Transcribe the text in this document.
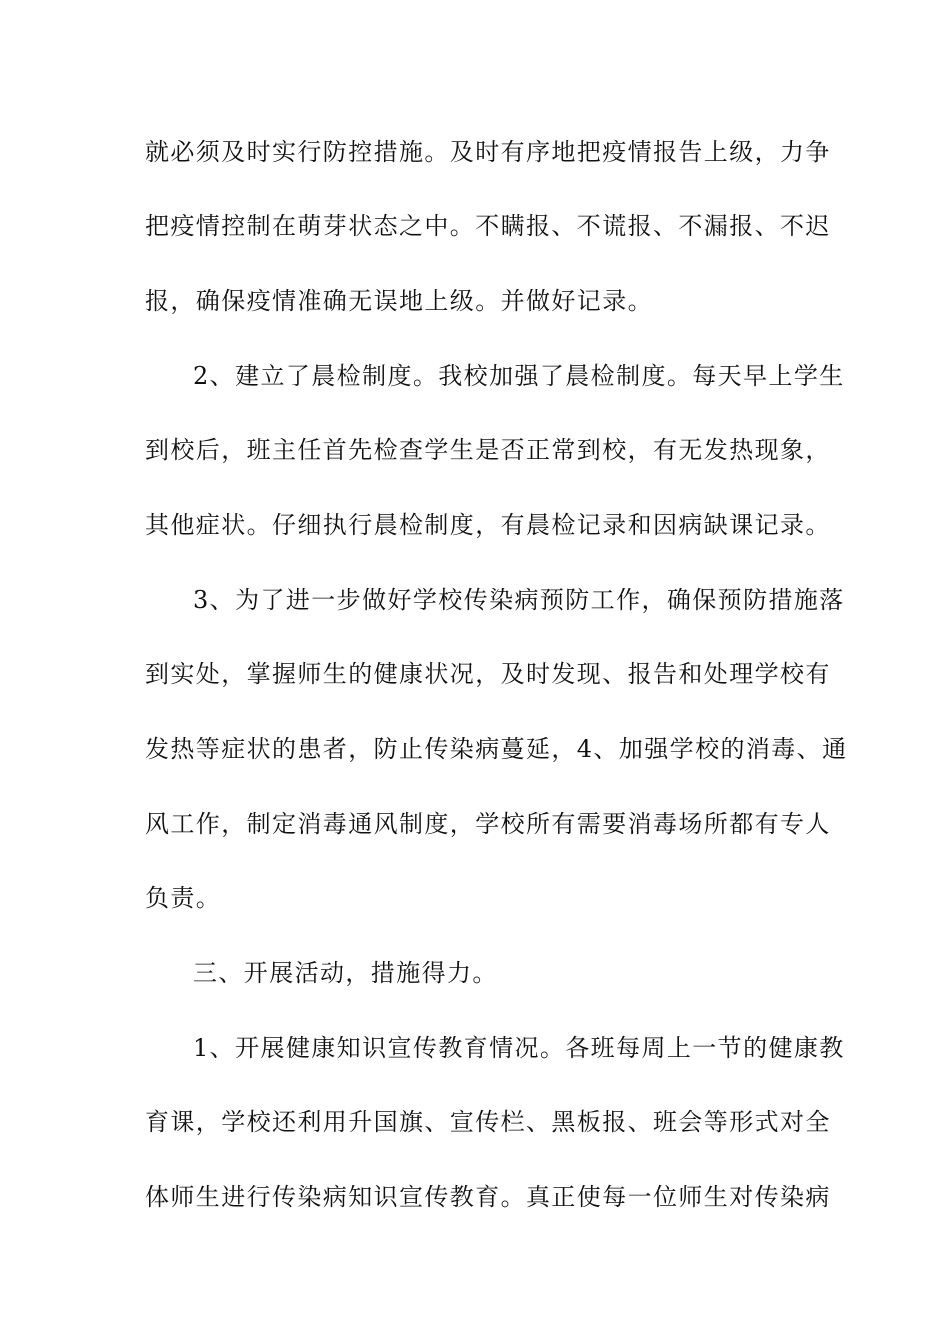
就必须及时实行防控措施。及时有序地把疫情报告上级，力争
把疫情控制在萌芽状态之中。不瞒报、不谎报、不漏报、不迟
报，确保疫情准确无误地上级。并做好记录。
2、建立了晨检制度。我校加强了晨检制度。每天早上学生
到校后，班主任首先检查学生是否正常到校，有无发热现象，
其他症状。仔细执行晨检制度，有晨检记录和因病缺课记录。
3、为了进一步做好学校传染病预防工作，确保预防措施落
到实处，掌握师生的健康状况，及时发现、报告和处理学校有
发热等症状的患者，防止传染病蔓延，4、加强学校的消毒、通
风工作，制定消毒通风制度，学校所有需要消毒场所都有专人
负责。
三、开展活动，措施得力。
1、开展健康知识宣传教育情况。各班每周上一节的健康教
育课，学校还利用升国旗、宣传栏、黑板报、班会等形式对全
体师生进行传染病知识宣传教育。真正使每一位师生对传染病
